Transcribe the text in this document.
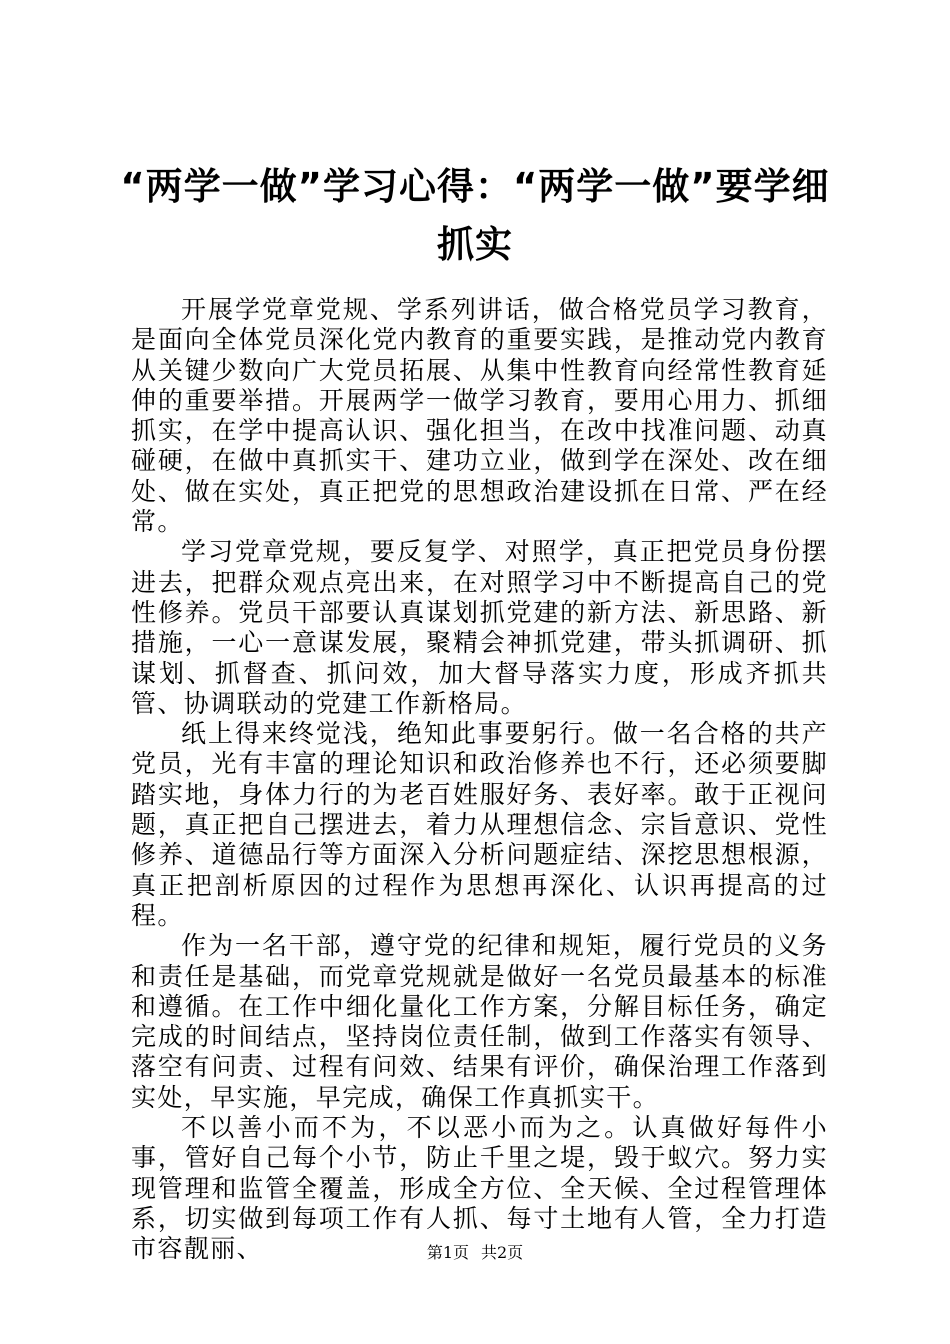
“两学一做”学习心得：“两学一做”要学细抓实

开展学党章党规、学系列讲话，做合格党员学习教育，是面向全体党员深化党内教育的重要实践，是推动党内教育从关键少数向广大党员拓展、从集中性教育向经常性教育延伸的重要举措。开展两学一做学习教育，要用心用力、抓细抓实，在学中提高认识、强化担当，在改中找准问题、动真碰硬，在做中真抓实干、建功立业，做到学在深处、改在细处、做在实处，真正把党的思想政治建设抓在日常、严在经常。

学习党章党规，要反复学、对照学，真正把党员身份摆进去，把群众观点亮出来，在对照学习中不断提高自己的党性修养。党员干部要认真谋划抓党建的新方法、新思路、新措施，一心一意谋发展，聚精会神抓党建，带头抓调研、抓谋划、抓督查、抓问效，加大督导落实力度，形成齐抓共管、协调联动的党建工作新格局。

纸上得来终觉浅，绝知此事要躬行。做一名合格的共产党员，光有丰富的理论知识和政治修养也不行，还必须要脚踏实地，身体力行的为老百姓服好务、表好率。敢于正视问题，真正把自己摆进去，着力从理想信念、宗旨意识、党性修养、道德品行等方面深入分析问题症结、深挖思想根源，真正把剖析原因的过程作为思想再深化、认识再提高的过程。

作为一名干部，遵守党的纪律和规矩，履行党员的义务和责任是基础，而党章党规就是做好一名党员最基本的标准和遵循。在工作中细化量化工作方案，分解目标任务，确定完成的时间结点，坚持岗位责任制，做到工作落实有领导、落空有问责、过程有问效、结果有评价，确保治理工作落到实处，早实施，早完成，确保工作真抓实干。

不以善小而不为，不以恶小而为之。认真做好每件小事，管好自己每个小节，防止千里之堤，毁于蚁穴。努力实现管理和监管全覆盖，形成全方位、全天候、全过程管理体系，切实做到每项工作有人抓、每寸土地有人管，全力打造市容靓丽、	第1页 共2页
